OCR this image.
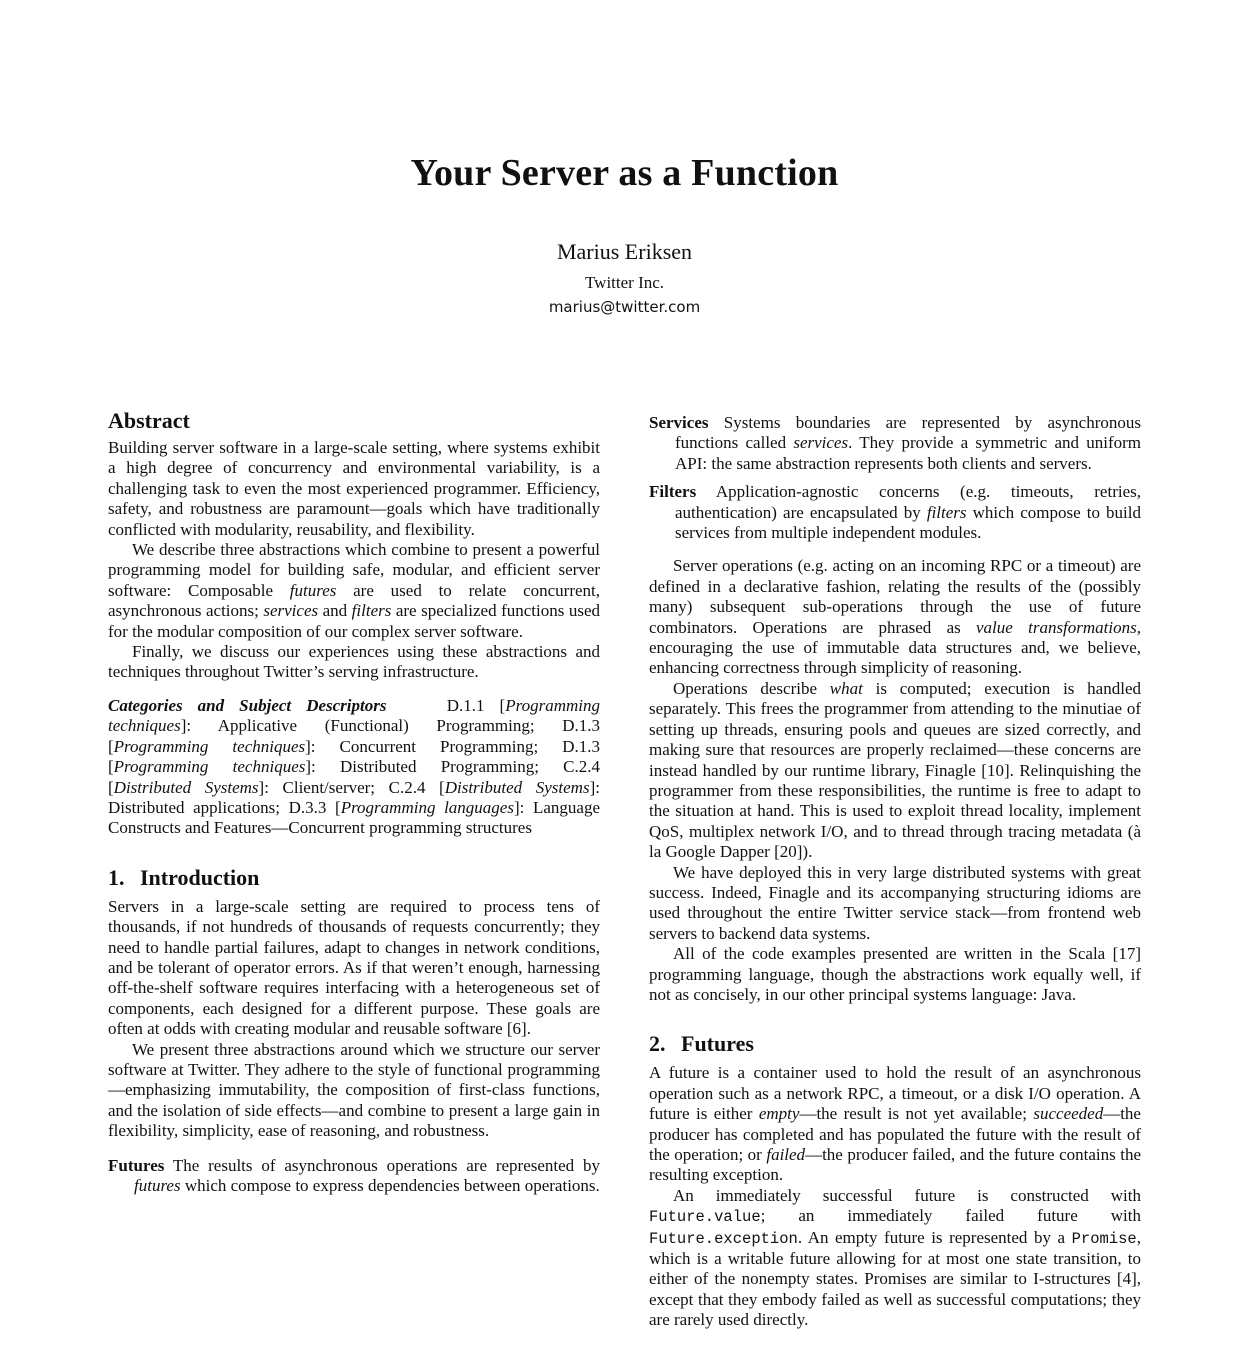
Your Server as a Function
Marius Eriksen
Twitter Inc.
marius@twitter.com
Abstract

Building server software in a large-scale setting, where systems exhibit a high degree of concurrency and environmental variability, is a challenging task to even the most experienced programmer. Efficiency, safety, and robustness are paramount—goals which have traditionally conflicted with modularity, reusability, and flexibility.

We describe three abstractions which combine to present a powerful programming model for building safe, modular, and efficient server software: Composable futures are used to relate concurrent, asynchronous actions; services and filters are specialized functions used for the modular composition of our complex server software.

Finally, we discuss our experiences using these abstractions and techniques throughout Twitter’s serving infrastructure.

Categories and Subject Descriptors	D.1.1 [Programming techniques]: Applicative (Functional) Programming; D.1.3 [Programming techniques]: Concurrent Programming; D.1.3 [Programming techniques]: Distributed Programming; C.2.4 [Distributed Systems]: Client/server; C.2.4 [Distributed Systems]: Distributed applications; D.3.3 [Programming languages]: Language Constructs and Features—Concurrent programming structures

1. Introduction

Servers in a large-scale setting are required to process tens of thousands, if not hundreds of thousands of requests concurrently; they need to handle partial failures, adapt to changes in network conditions, and be tolerant of operator errors. As if that weren’t enough, harnessing off-the-shelf software requires interfacing with a heterogeneous set of components, each designed for a different purpose. These goals are often at odds with creating modular and reusable software [6].

We present three abstractions around which we structure our server software at Twitter. They adhere to the style of functional programming—emphasizing immutability, the composition of first-class functions, and the isolation of side effects—and combine to present a large gain in flexibility, simplicity, ease of reasoning, and robustness.

Futures The results of asynchronous operations are represented by futures which compose to express dependencies between operations.
Services Systems boundaries are represented by asynchronous functions called services. They provide a symmetric and uniform API: the same abstraction represents both clients and servers.
Filters Application-agnostic concerns (e.g. timeouts, retries, authentication) are encapsulated by filters which compose to build services from multiple independent modules.

Server operations (e.g. acting on an incoming RPC or a timeout) are defined in a declarative fashion, relating the results of the (possibly many) subsequent sub-operations through the use of future combinators. Operations are phrased as value transformations, encouraging the use of immutable data structures and, we believe, enhancing correctness through simplicity of reasoning.

Operations describe what is computed; execution is handled separately. This frees the programmer from attending to the minutiae of setting up threads, ensuring pools and queues are sized correctly, and making sure that resources are properly reclaimed—these concerns are instead handled by our runtime library, Finagle [10]. Relinquishing the programmer from these responsibilities, the runtime is free to adapt to the situation at hand. This is used to exploit thread locality, implement QoS, multiplex network I/O, and to thread through tracing metadata (à la Google Dapper [20]).

We have deployed this in very large distributed systems with great success. Indeed, Finagle and its accompanying structuring idioms are used throughout the entire Twitter service stack—from frontend web servers to backend data systems.

All of the code examples presented are written in the Scala [17] programming language, though the abstractions work equally well, if not as concisely, in our other principal systems language: Java.

2. Futures

A future is a container used to hold the result of an asynchronous operation such as a network RPC, a timeout, or a disk I/O operation. A future is either empty—the result is not yet available; succeeded—the producer has completed and has populated the future with the result of the operation; or failed—the producer failed, and the future contains the resulting exception.

An immediately successful future is constructed with Future.value; an immediately failed future with Future.exception. An empty future is represented by a Promise, which is a writable future allowing for at most one state transition, to either of the nonempty states. Promises are similar to I-structures [4], except that they embody failed as well as successful computations; they are rarely used directly.
